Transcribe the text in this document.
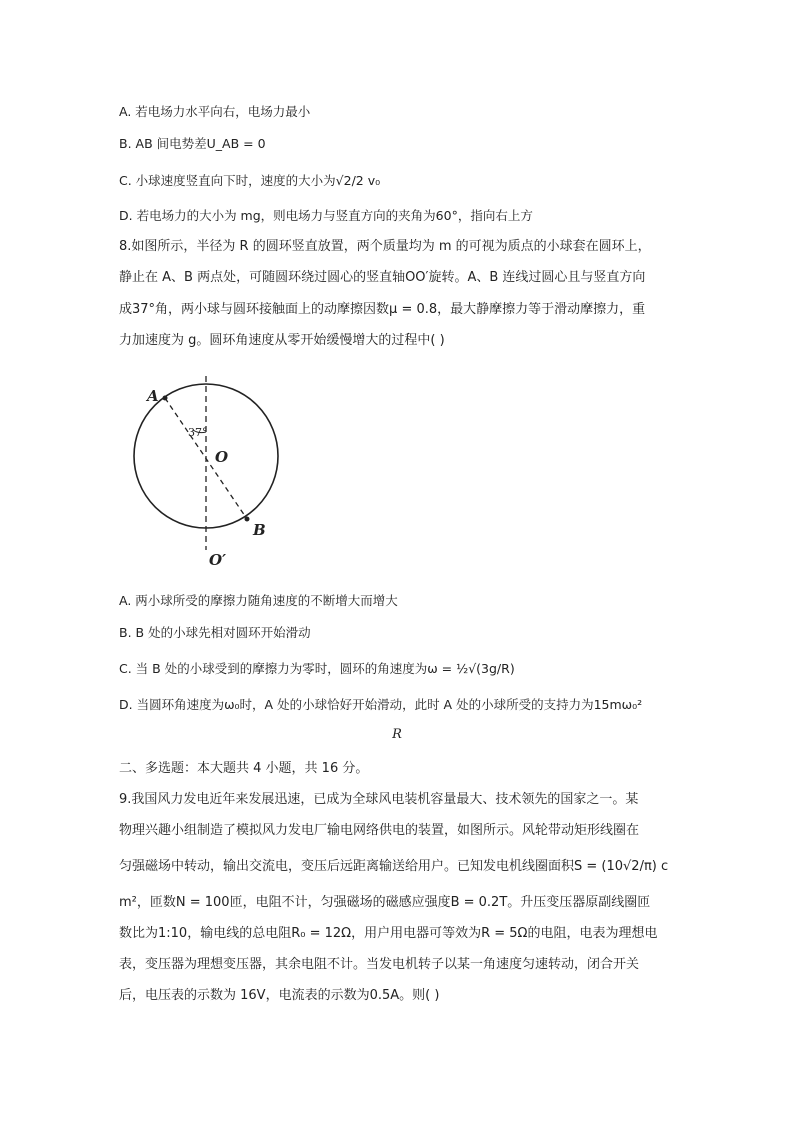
A. 若电场力水平向右，电场力最小
B. AB 间电势差U_AB = 0
C. 小球速度竖直向下时，速度的大小为√2/2 v₀
D. 若电场力的大小为 mg，则电场力与竖直方向的夹角为60°，指向右上方
8.如图所示，半径为 R 的圆环竖直放置，两个质量均为 m 的可视为质点的小球套在圆环上，
静止在 A、B 两点处，可随圆环绕过圆心的竖直轴OO′旋转。A、B 连线过圆心且与竖直方向
成37°角，两小球与圆环接触面上的动摩擦因数μ = 0.8，最大静摩擦力等于滑动摩擦力，重
力加速度为 g。圆环角速度从零开始缓慢增大的过程中( )
A
37°
O
B
O′
A. 两小球所受的摩擦力随角速度的不断增大而增大
B. B 处的小球先相对圆环开始滑动
C. 当 B 处的小球受到的摩擦力为零时，圆环的角速度为ω = ½√(3g/R)
D. 当圆环角速度为ω₀时，A 处的小球恰好开始滑动，此时 A 处的小球所受的支持力为15mω₀²
R
二、多选题：本大题共 4 小题，共 16 分。
9.我国风力发电近年来发展迅速，已成为全球风电装机容量最大、技术领先的国家之一。某
物理兴趣小组制造了模拟风力发电厂输电网络供电的装置，如图所示。风轮带动矩形线圈在
匀强磁场中转动，输出交流电，变压后远距离输送给用户。已知发电机线圈面积S = (10√2/π) c
m²，匝数N = 100匝，电阻不计，匀强磁场的磁感应强度B = 0.2T。升压变压器原副线圈匝
数比为1:10，输电线的总电阻R₀ = 12Ω，用户用电器可等效为R = 5Ω的电阻，电表为理想电
表，变压器为理想变压器，其余电阻不计。当发电机转子以某一角速度匀速转动，闭合开关
后，电压表的示数为 16V，电流表的示数为0.5A。则( )
